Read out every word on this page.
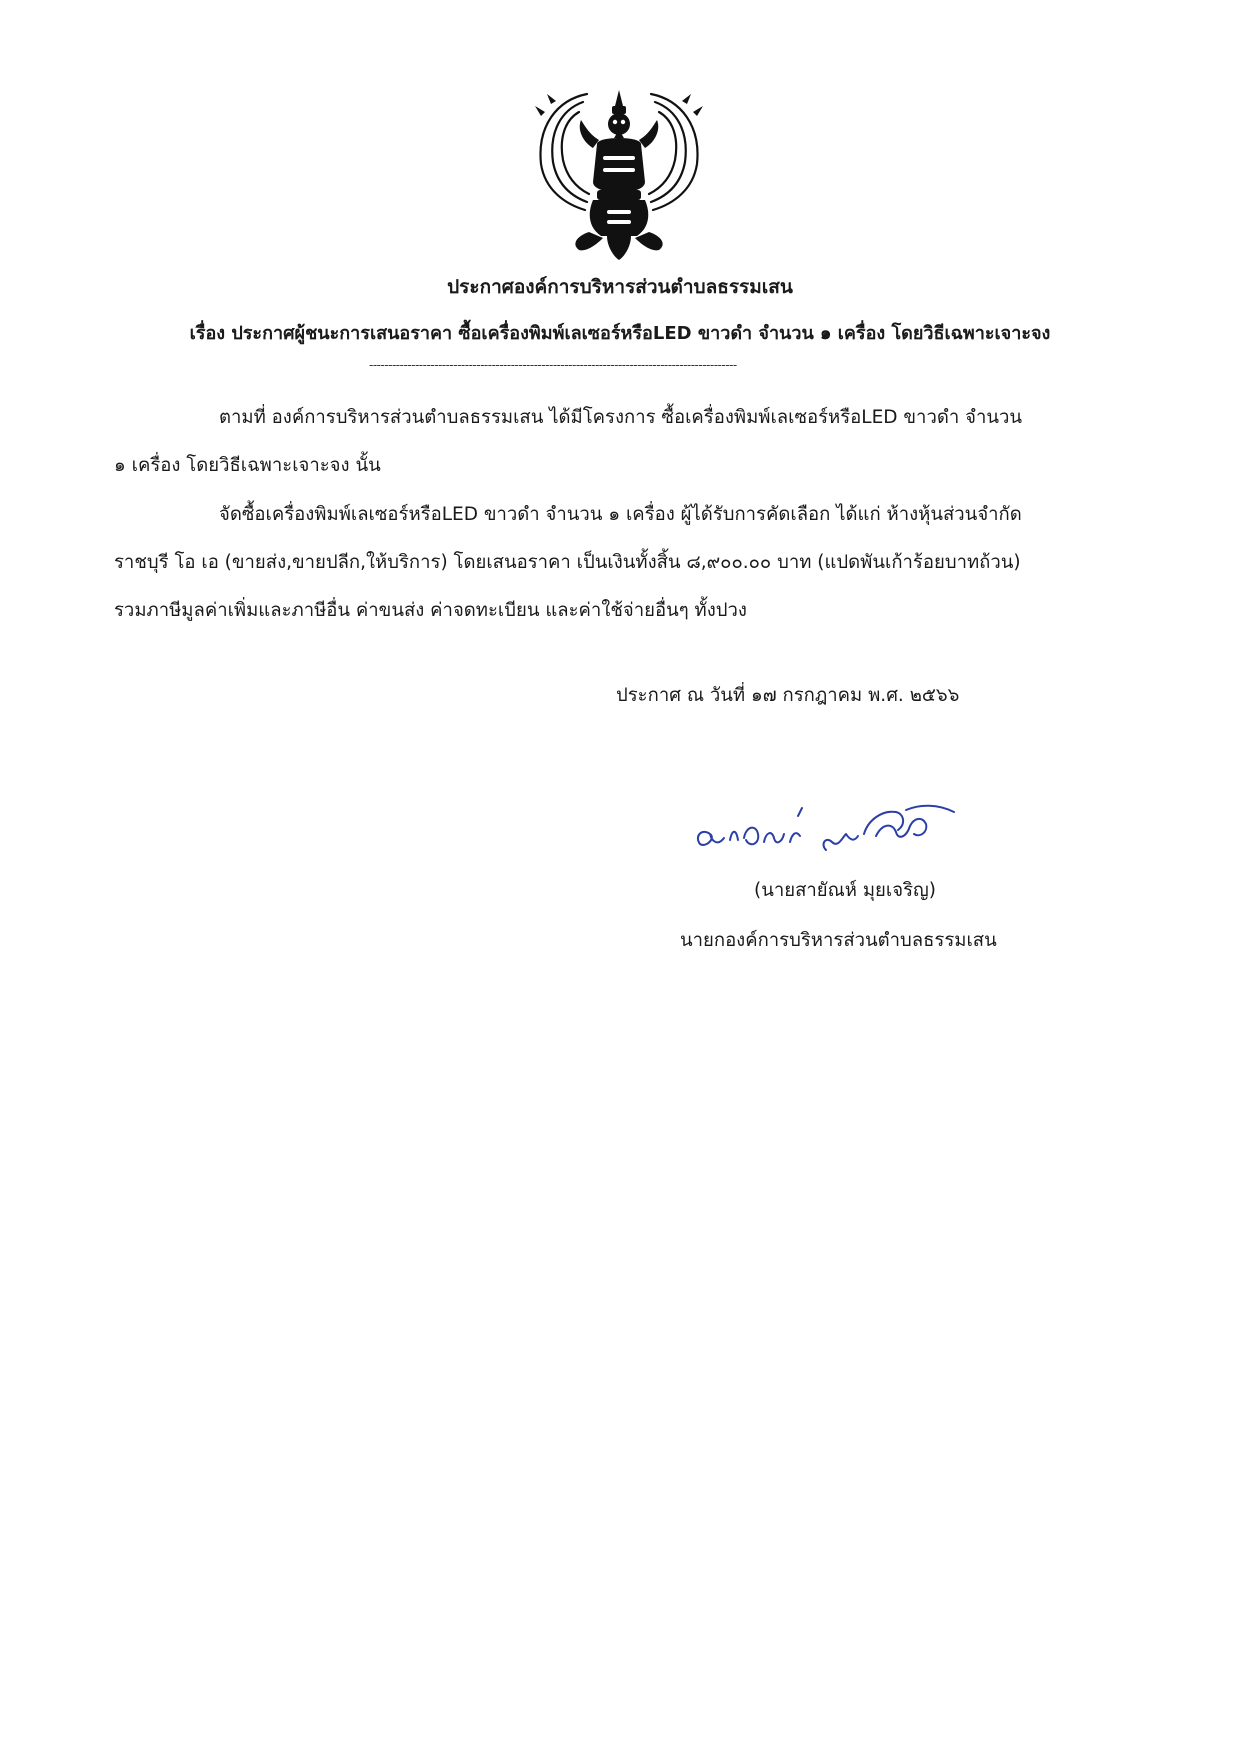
ประกาศองค์การบริหารส่วนตำบลธรรมเสน
เรื่อง ประกาศผู้ชนะการเสนอราคา ซื้อเครื่องพิมพ์เลเซอร์หรือLED ขาวดำ จำนวน ๑ เครื่อง โดยวิธีเฉพาะเจาะจง
------------------------------------------------------------------------------------------------
ตามที่ องค์การบริหารส่วนตำบลธรรมเสน ได้มีโครงการ ซื้อเครื่องพิมพ์เลเซอร์หรือLED ขาวดำ จำนวน
๑ เครื่อง โดยวิธีเฉพาะเจาะจง นั้น
จัดซื้อเครื่องพิมพ์เลเซอร์หรือLED ขาวดำ จำนวน ๑ เครื่อง ผู้ได้รับการคัดเลือก ได้แก่ ห้างหุ้นส่วนจำกัด
ราชบุรี โอ เอ (ขายส่ง,ขายปลีก,ให้บริการ) โดยเสนอราคา เป็นเงินทั้งสิ้น ๘,๙๐๐.๐๐ บาท (แปดพันเก้าร้อยบาทถ้วน)
รวมภาษีมูลค่าเพิ่มและภาษีอื่น ค่าขนส่ง ค่าจดทะเบียน และค่าใช้จ่ายอื่นๆ ทั้งปวง
ประกาศ ณ วันที่ ๑๗ กรกฎาคม พ.ศ. ๒๕๖๖
(นายสายัณห์ มุยเจริญ)
นายกองค์การบริหารส่วนตำบลธรรมเสน
